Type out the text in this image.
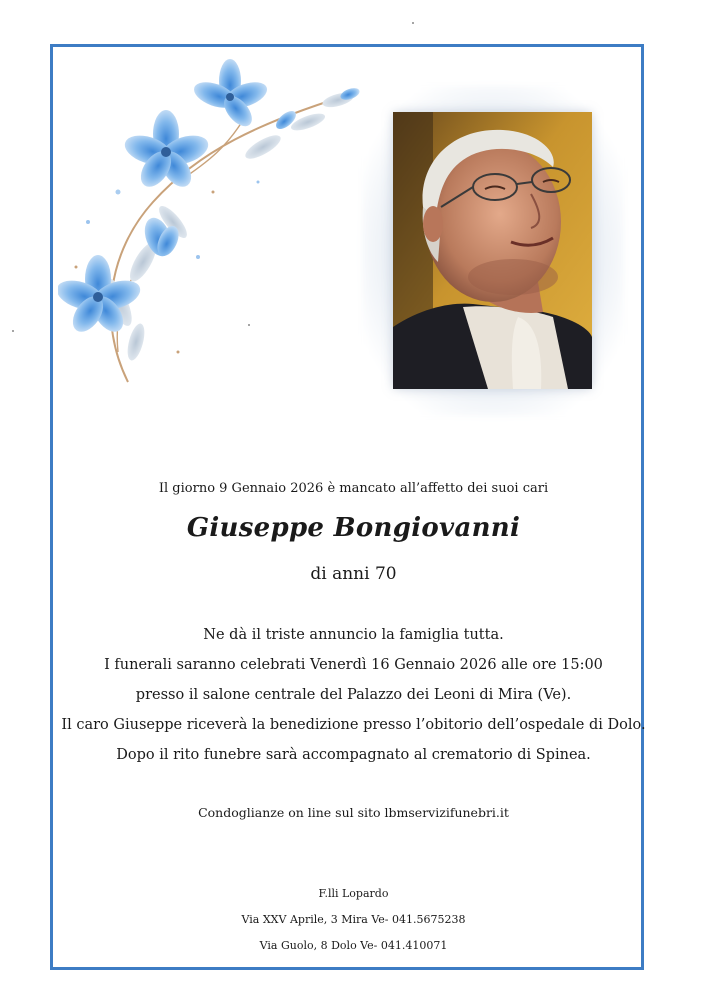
Il giorno 9 Gennaio 2026 è mancato all’affetto dei suoi cari
Giuseppe Bongiovanni
di anni 70
Ne dà il triste annuncio la famiglia tutta.
I funerali saranno celebrati Venerdì 16 Gennaio 2026 alle ore 15:00
presso il salone centrale del Palazzo dei Leoni di Mira (Ve).
Il caro Giuseppe riceverà la benedizione presso l’obitorio dell’ospedale di Dolo.
Dopo il rito funebre sarà accompagnato al crematorio di Spinea.
Condoglianze on line sul sito lbmservizifunebri.it
F.lli Lopardo
Via XXV Aprile, 3 Mira Ve- 041.5675238
Via Guolo, 8 Dolo Ve- 041.410071
